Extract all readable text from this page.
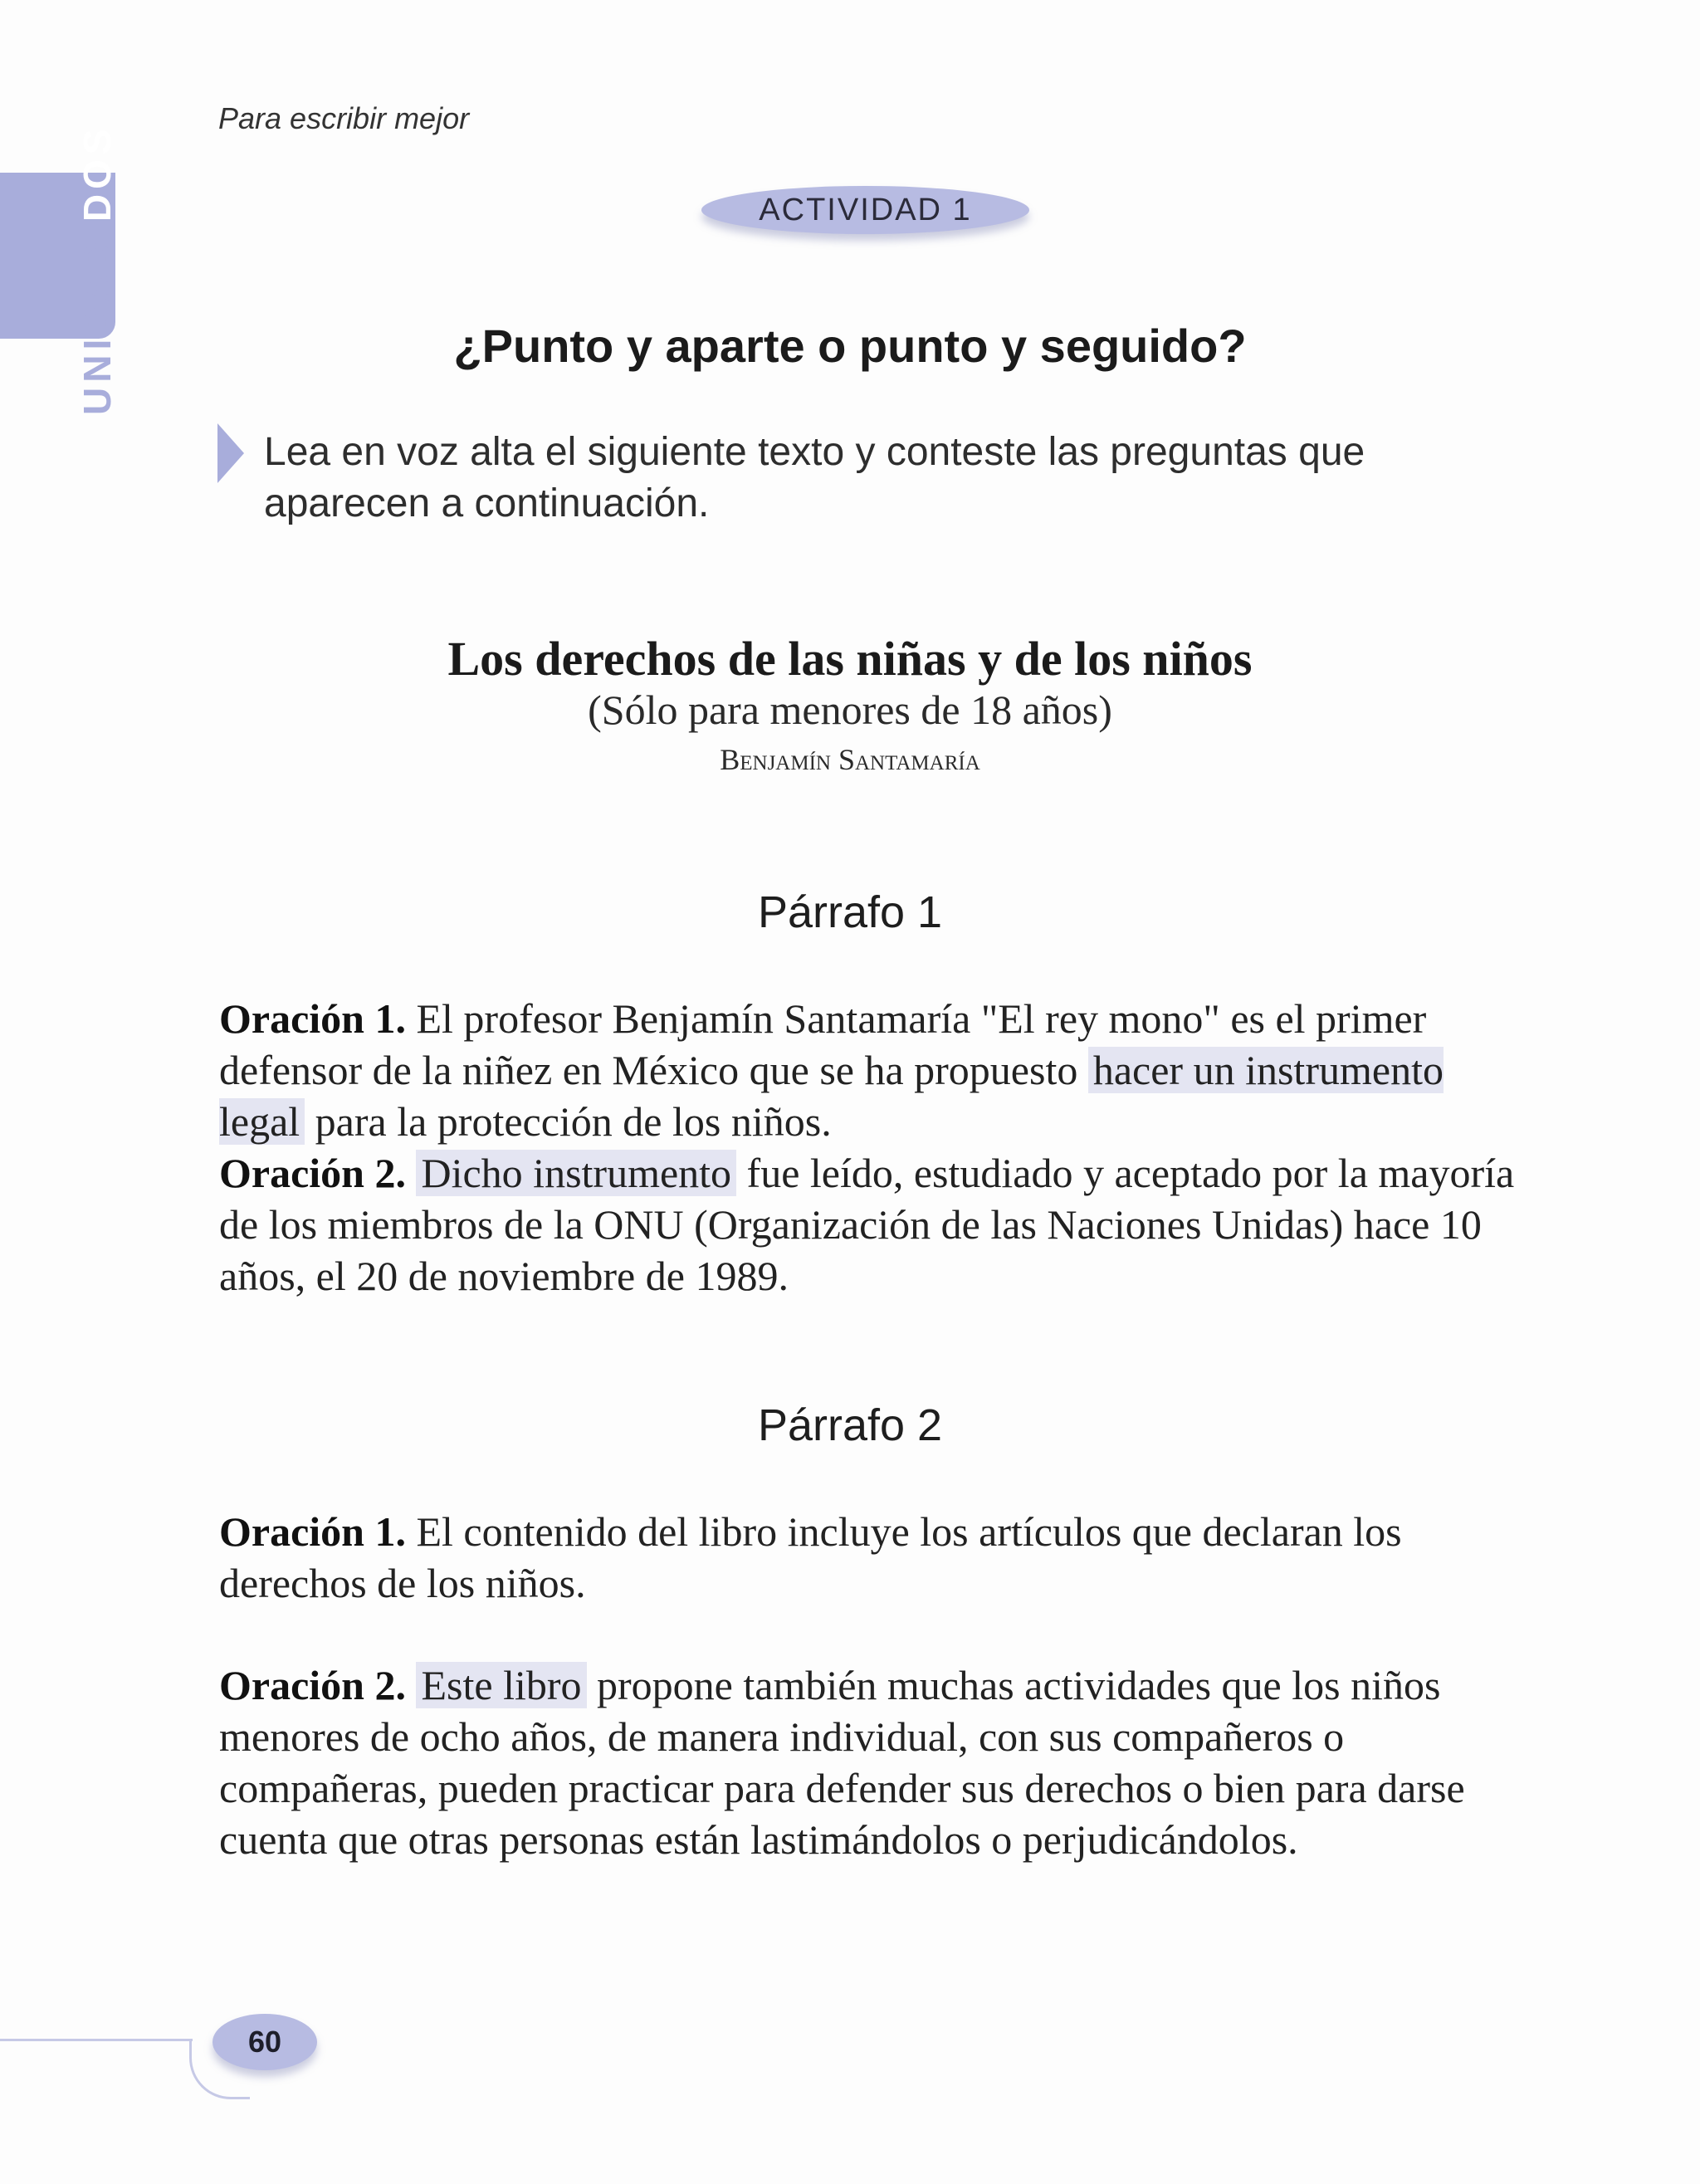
Para escribir mejor
UNIDADDOS	ACTIVIDAD 1
¿Punto y aparte o punto y seguido?
Lea en voz alta el siguiente texto y conteste las preguntas que aparecen a continuación.
Los derechos de las niñas y de los niños
(Sólo para menores de 18 años)
Benjamín Santamaría
Párrafo 1
Oración 1. El profesor Benjamín Santamaría "El rey mono" es el primer defensor de la niñez en México que se ha propuesto hacer un instrumento legal para la protección de los niños.
Oración 2. Dicho instrumento fue leído, estudiado y aceptado por la mayoría de los miembros de la ONU (Organización de las Naciones Unidas) hace 10 años, el 20 de noviembre de 1989.
Párrafo 2
Oración 1. El contenido del libro incluye los artículos que declaran los derechos de los niños.
Oración 2. Este libro propone también muchas actividades que los niños menores de ocho años, de manera individual, con sus compañeros o compañeras, pueden practicar para defender sus derechos o bien para darse cuenta que otras personas están lastimándolos o perjudicándolos.
60
